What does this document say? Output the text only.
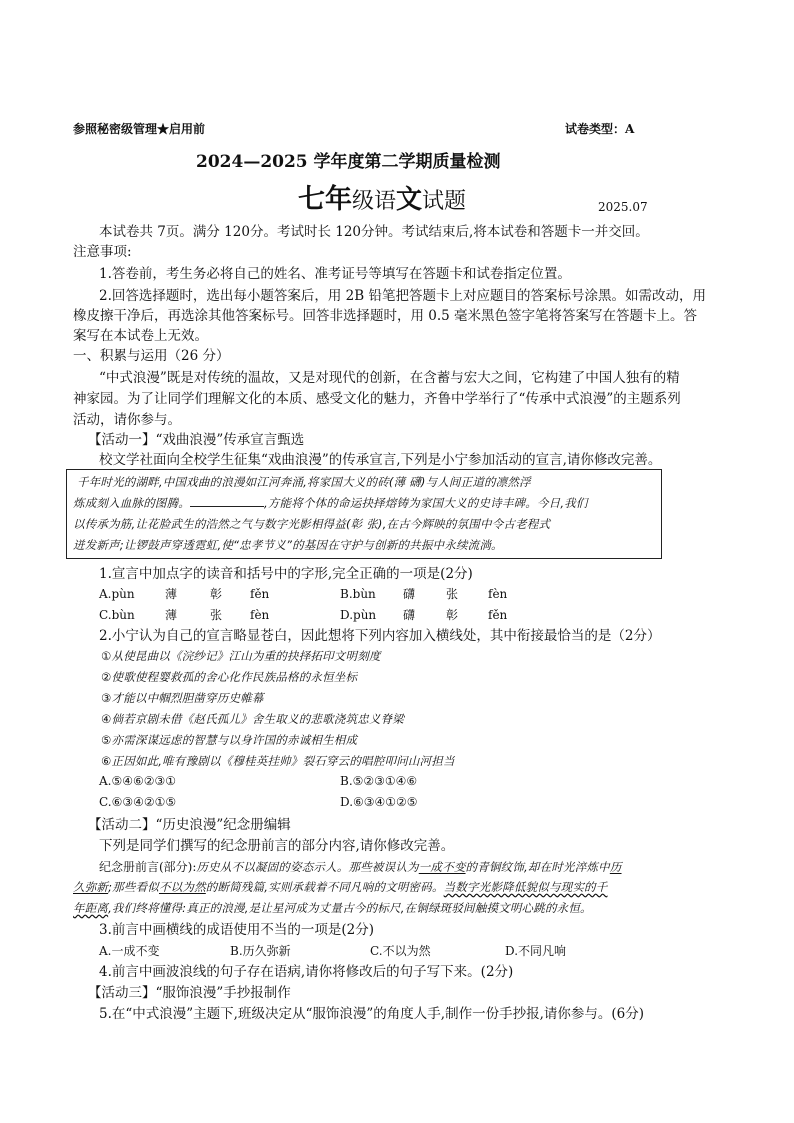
参照秘密级管理★启用前	试卷类型：A
2024—2025 学年度第二学期质量检测
七年级语文试题	2025.07
本试卷共 7页。满分 120分。考试时长 120分钟。考试结束后,将本试卷和答题卡一并交回。
注意事项:
1.答卷前，考生务必将自己的姓名、准考证号等填写在答题卡和试卷指定位置。
2.回答选择题时，选出每小题答案后，用 2B 铅笔把答题卡上对应题目的答案标号涂黑。如需改动，用
橡皮擦干净后，再选涂其他答案标号。回答非选择题时，用 0.5 毫米黑色签字笔将答案写在答题卡上。答
案写在本试卷上无效。
一、积累与运用（26 分）
“中式浪漫”既是对传统的温故，又是对现代的创新，在含蓄与宏大之间，它构建了中国人独有的精
神家园。为了让同学们理解文化的本质、感受文化的魅力，齐鲁中学举行了“传承中式浪漫”的主题系列
活动，请你参与。
【活动一】“戏曲浪漫”传承宣言甄选
校文学社面向全校学生征集“戏曲浪漫”的传承宣言,下列是小宁参加活动的宣言,请你修改完善。
千年时光的湖畔,中国戏曲的浪漫如江河奔涌,将家国大义的砖(薄 礴)与人间正道的凛然浮
炼成刻入血脉的图腾。	,方能将个体的命运抉择熔铸为家国大义的史诗丰碑。今日,我们
以传承为筋,让花脸武生的浩然之气与数字光影相得益(彰 张),在古今辉映的氛围中令古老程式
迸发新声;让锣鼓声穿透霓虹,使“忠孝节义”的基因在守护与创新的共振中永续流淌。
1.宣言中加点字的读音和括号中的字形,完全正确的一项是(2分)
A.pùn	薄	彰 fěn	B.bùn 礴	张 fèn
C.bùn	薄	张 fèn	D.pùn 礴	彰 fěn
2.小宁认为自己的宣言略显苍白，因此想将下列内容加入横线处，其中衔接最恰当的是（2分）
①从使昆曲以《浣纱记》江山为重的抉择拓印文明刻度
②使歌使程婴救孤的舍心化作民族品格的永恒坐标
③才能以中帼烈胆凿穿历史帷幕
④倘若京剧未借《赵氏孤儿》舍生取义的悲歌浇筑忠义脊梁
⑤亦需深谋远虑的智慧与以身许国的赤诚相生相成
⑥正因如此,唯有豫剧以《穆桂英挂帅》裂石穿云的唱腔叩问山河担当
A.⑤④⑥②③①	B.⑤②③①④⑥
C.⑥③④②①⑤	D.⑥③④①②⑤
【活动二】“历史浪漫”纪念册编辑
下列是同学们撰写的纪念册前言的部分内容,请你修改完善。
纪念册前言(部分):历史从不以凝固的姿态示人。那些被误认为一成不变的青铜纹饰,却在时光淬炼中历
久弥新;那些看似不以为然的断简残篇,实则承载着不同凡响的文明密码。当数字光影降低貌似与现实的千
年距离,我们终将懂得:真正的浪漫,是让星河成为丈量古今的标尺,在铜绿斑驳间触摸文明心跳的永恒。
3.前言中画横线的成语使用不当的一项是(2分)
A.一成不变	B.历久弥新	C.不以为然	D.不同凡响
4.前言中画波浪线的句子存在语病,请你将修改后的句子写下来。(2分)
【活动三】“服饰浪漫”手抄报制作
5.在“中式浪漫”主题下,班级决定从“服饰浪漫”的角度人手,制作一份手抄报,请你参与。(6分)
